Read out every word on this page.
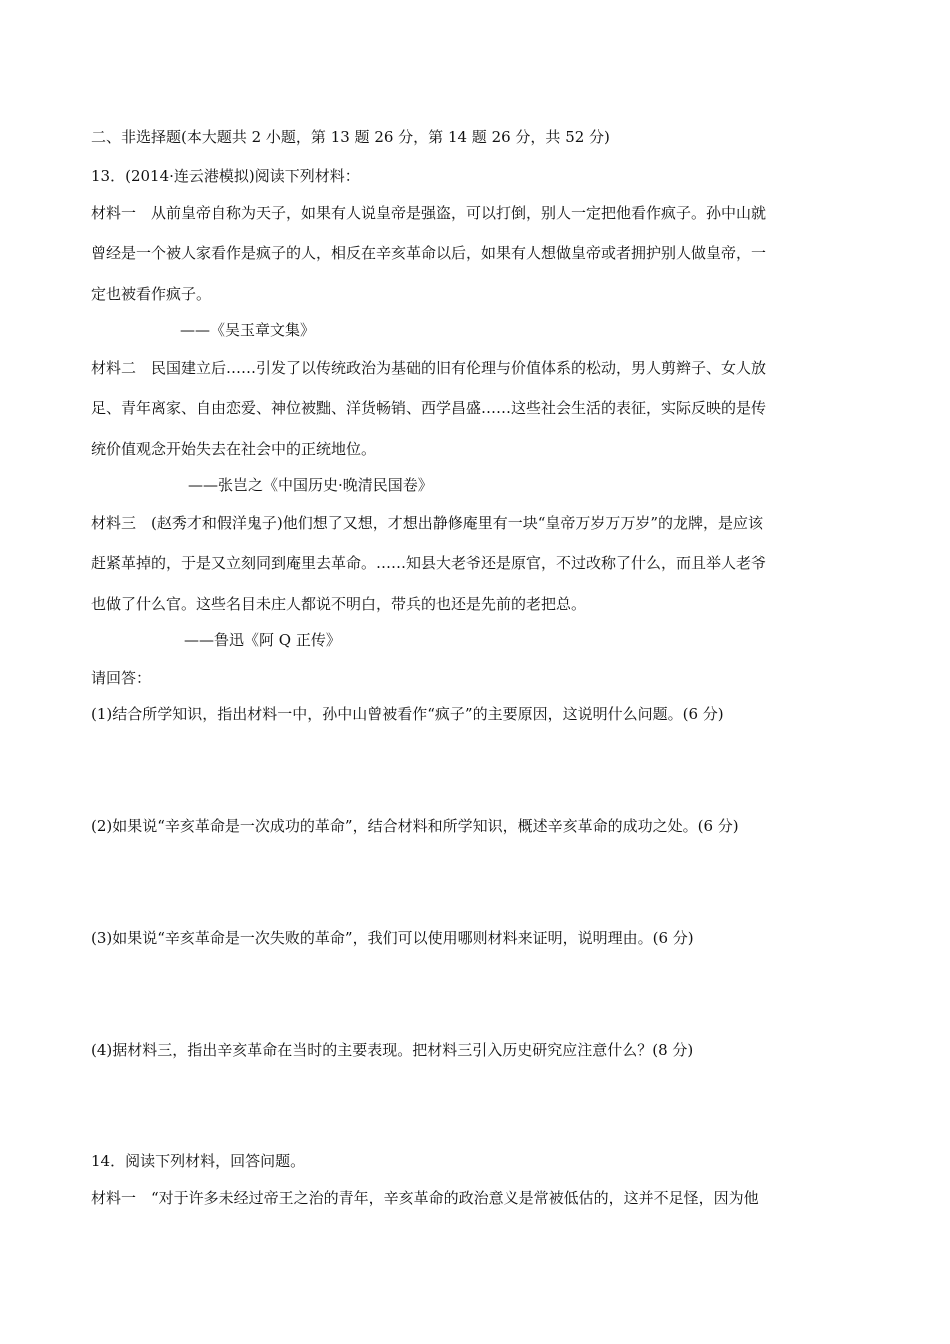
二、非选择题(本大题共 2 小题，第 13 题 26 分，第 14 题 26 分，共 52 分)
13．(2014·连云港模拟)阅读下列材料：
材料一　从前皇帝自称为天子，如果有人说皇帝是强盗，可以打倒，别人一定把他看作疯子。孙中山就
曾经是一个被人家看作是疯子的人，相反在辛亥革命以后，如果有人想做皇帝或者拥护别人做皇帝，一
定也被看作疯子。
——《吴玉章文集》
材料二　民国建立后……引发了以传统政治为基础的旧有伦理与价值体系的松动，男人剪辫子、女人放
足、青年离家、自由恋爱、神位被黜、洋货畅销、西学昌盛……这些社会生活的表征，实际反映的是传
统价值观念开始失去在社会中的正统地位。
——张岂之《中国历史·晚清民国卷》
材料三　(赵秀才和假洋鬼子)他们想了又想，才想出静修庵里有一块“皇帝万岁万万岁”的龙牌，是应该
赶紧革掉的，于是又立刻同到庵里去革命。……知县大老爷还是原官，不过改称了什么，而且举人老爷
也做了什么官。这些名目未庄人都说不明白，带兵的也还是先前的老把总。
——鲁迅《阿 Q 正传》
请回答：
(1)结合所学知识，指出材料一中，孙中山曾被看作“疯子”的主要原因，这说明什么问题。(6 分)
(2)如果说“辛亥革命是一次成功的革命”，结合材料和所学知识，概述辛亥革命的成功之处。(6 分)
(3)如果说“辛亥革命是一次失败的革命”，我们可以使用哪则材料来证明，说明理由。(6 分)
(4)据材料三，指出辛亥革命在当时的主要表现。把材料三引入历史研究应注意什么？(8 分)
14．阅读下列材料，回答问题。
材料一　“对于许多未经过帝王之治的青年，辛亥革命的政治意义是常被低估的，这并不足怪，因为他
